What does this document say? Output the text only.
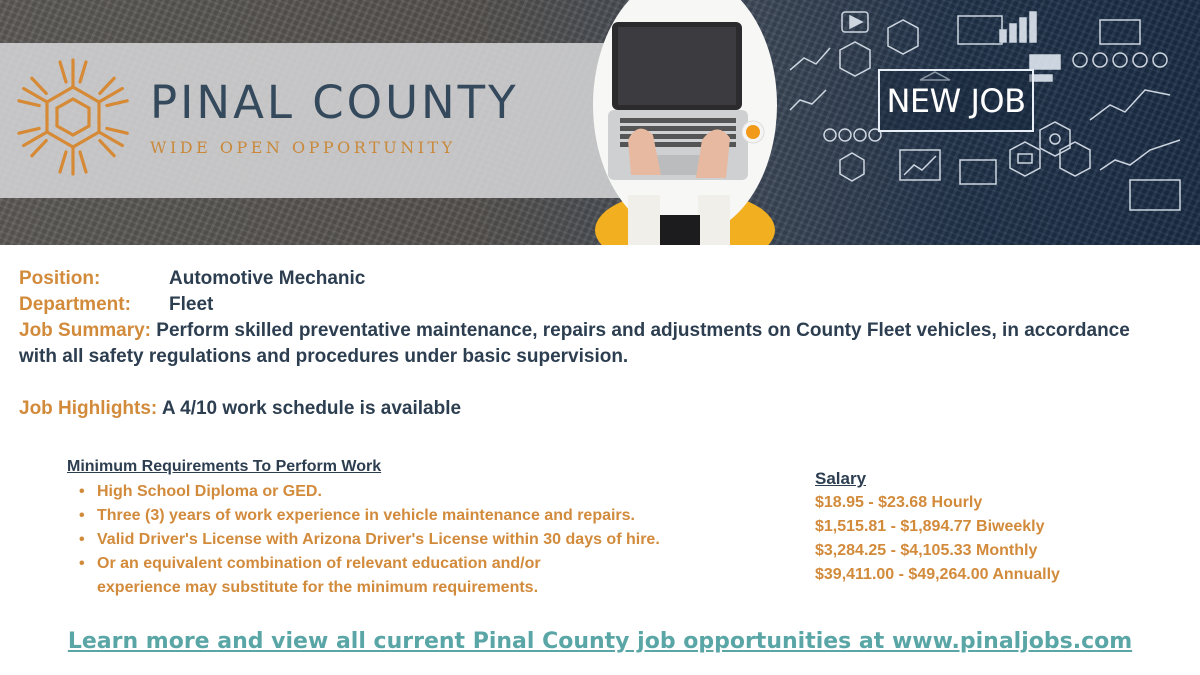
PINAL COUNTY
WIDE OPEN OPPORTUNITY
NEW JOB
Position:	Automotive Mechanic
Department: Fleet
Job Summary: Perform skilled preventative maintenance, repairs and adjustments on County Fleet vehicles, in accordance with all safety regulations and procedures under basic supervision.
Job Highlights: A 4/10 work schedule is available
Minimum Requirements To Perform Work
• High School Diploma or GED.
• Three (3) years of work experience in vehicle maintenance and repairs.
• Valid Driver's License with Arizona Driver's License within 30 days of hire.
• Or an equivalent combination of relevant education and/or experience may substitute for the minimum requirements.
Salary
$18.95 - $23.68 Hourly
$1,515.81 - $1,894.77 Biweekly
$3,284.25 - $4,105.33 Monthly
$39,411.00 - $49,264.00 Annually
Learn more and view all current Pinal County job opportunities at www.pinaljobs.com
